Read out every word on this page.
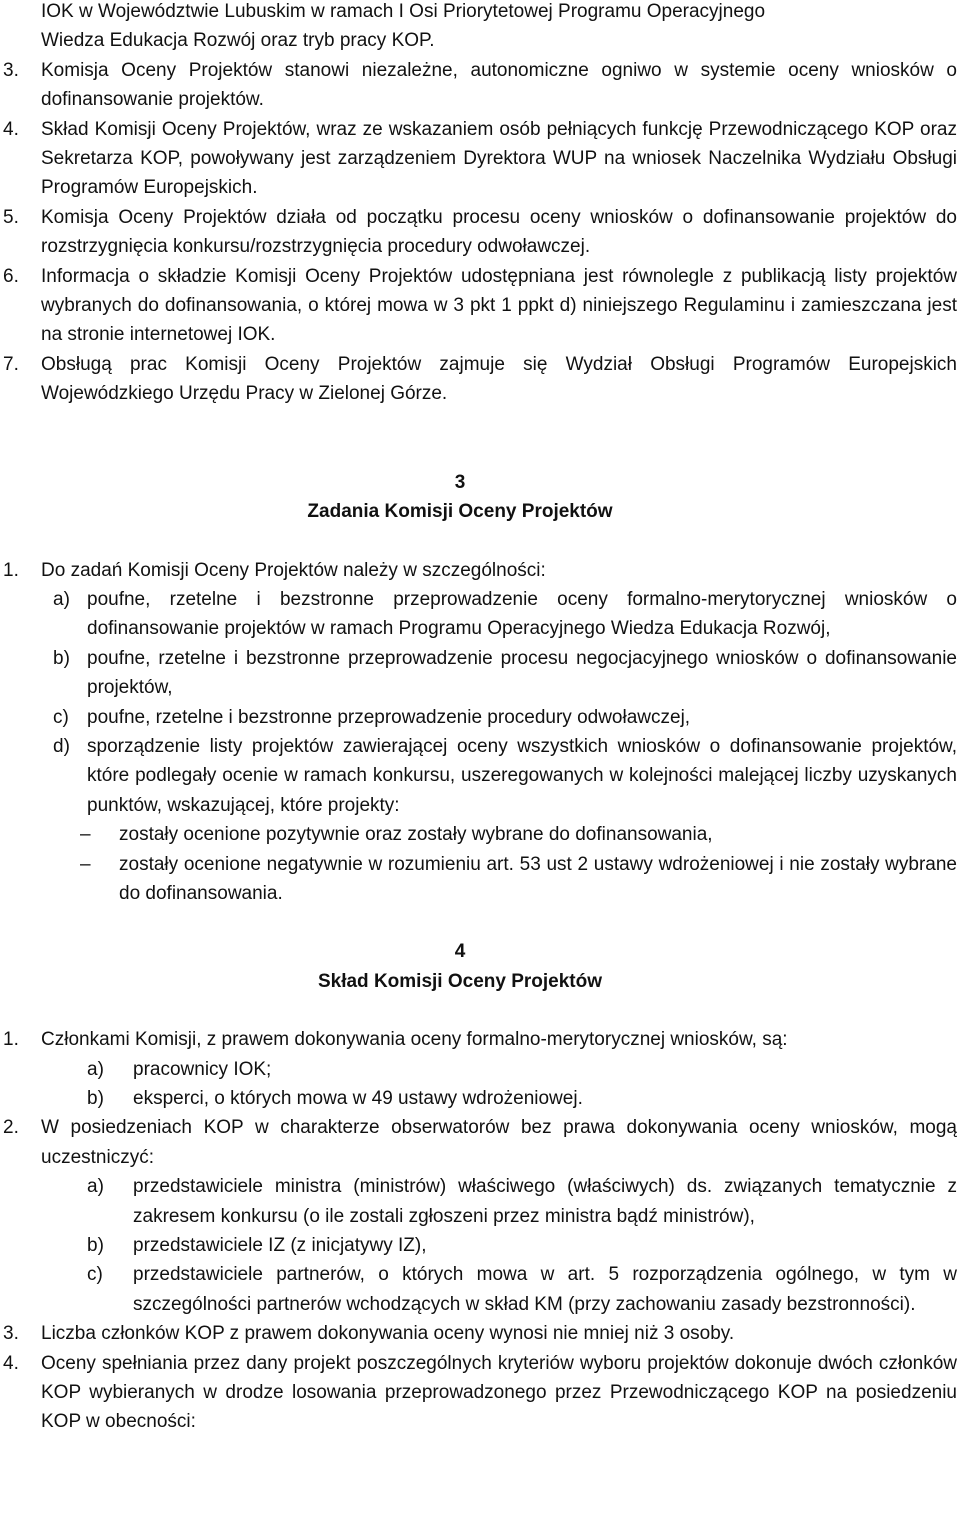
IOK w Województwie Lubuskim w ramach I Osi Priorytetowej Programu Operacyjnego
Wiedza Edukacja Rozwój oraz tryb pracy KOP.
3. Komisja Oceny Projektów stanowi niezależne, autonomiczne ogniwo w systemie oceny wniosków o dofinansowanie projektów.
4. Skład Komisji Oceny Projektów, wraz ze wskazaniem osób pełniących funkcję Przewodniczącego KOP oraz Sekretarza KOP, powoływany jest zarządzeniem Dyrektora WUP na wniosek Naczelnika Wydziału Obsługi Programów Europejskich.
5. Komisja Oceny Projektów działa od początku procesu oceny wniosków o dofinansowanie projektów do rozstrzygnięcia konkursu/rozstrzygnięcia procedury odwoławczej.
6. Informacja o składzie Komisji Oceny Projektów udostępniana jest równolegle z publikacją listy projektów wybranych do dofinansowania, o której mowa w 3 pkt 1 ppkt d) niniejszego Regulaminu i zamieszczana jest na stronie internetowej IOK.
7. Obsługą prac Komisji Oceny Projektów zajmuje się Wydział Obsługi Programów Europejskich Wojewódzkiego Urzędu Pracy w Zielonej Górze.
3
Zadania Komisji Oceny Projektów
1. Do zadań Komisji Oceny Projektów należy w szczególności:
a) poufne, rzetelne i bezstronne przeprowadzenie oceny formalno-merytorycznej wniosków o dofinansowanie projektów w ramach Programu Operacyjnego Wiedza Edukacja Rozwój,
b) poufne, rzetelne i bezstronne przeprowadzenie procesu negocjacyjnego wniosków o dofinansowanie projektów,
c) poufne, rzetelne i bezstronne przeprowadzenie procedury odwoławczej,
d) sporządzenie listy projektów zawierającej oceny wszystkich wniosków o dofinansowanie projektów, które podlegały ocenie w ramach konkursu, uszeregowanych w kolejności malejącej liczby uzyskanych punktów, wskazującej, które projekty:
– zostały ocenione pozytywnie oraz zostały wybrane do dofinansowania,
– zostały ocenione negatywnie w rozumieniu art. 53 ust 2 ustawy wdrożeniowej i nie zostały wybrane do dofinansowania.
4
Skład Komisji Oceny Projektów
1. Członkami Komisji, z prawem dokonywania oceny formalno-merytorycznej wniosków, są:
a) pracownicy IOK;
b) eksperci, o których mowa w 49 ustawy wdrożeniowej.
2. W posiedzeniach KOP w charakterze obserwatorów bez prawa dokonywania oceny wniosków, mogą uczestniczyć:
a) przedstawiciele ministra (ministrów) właściwego (właściwych) ds. związanych tematycznie z zakresem konkursu (o ile zostali zgłoszeni przez ministra bądź ministrów),
b) przedstawiciele IZ (z inicjatywy IZ),
c) przedstawiciele partnerów, o których mowa w art. 5 rozporządzenia ogólnego, w tym w szczególności partnerów wchodzących w skład KM (przy zachowaniu zasady bezstronności).
3. Liczba członków KOP z prawem dokonywania oceny wynosi nie mniej niż 3 osoby.
4. Oceny spełniania przez dany projekt poszczególnych kryteriów wyboru projektów dokonuje dwóch członków KOP wybieranych w drodze losowania przeprowadzonego przez Przewodniczącego KOP na posiedzeniu KOP w obecności:
